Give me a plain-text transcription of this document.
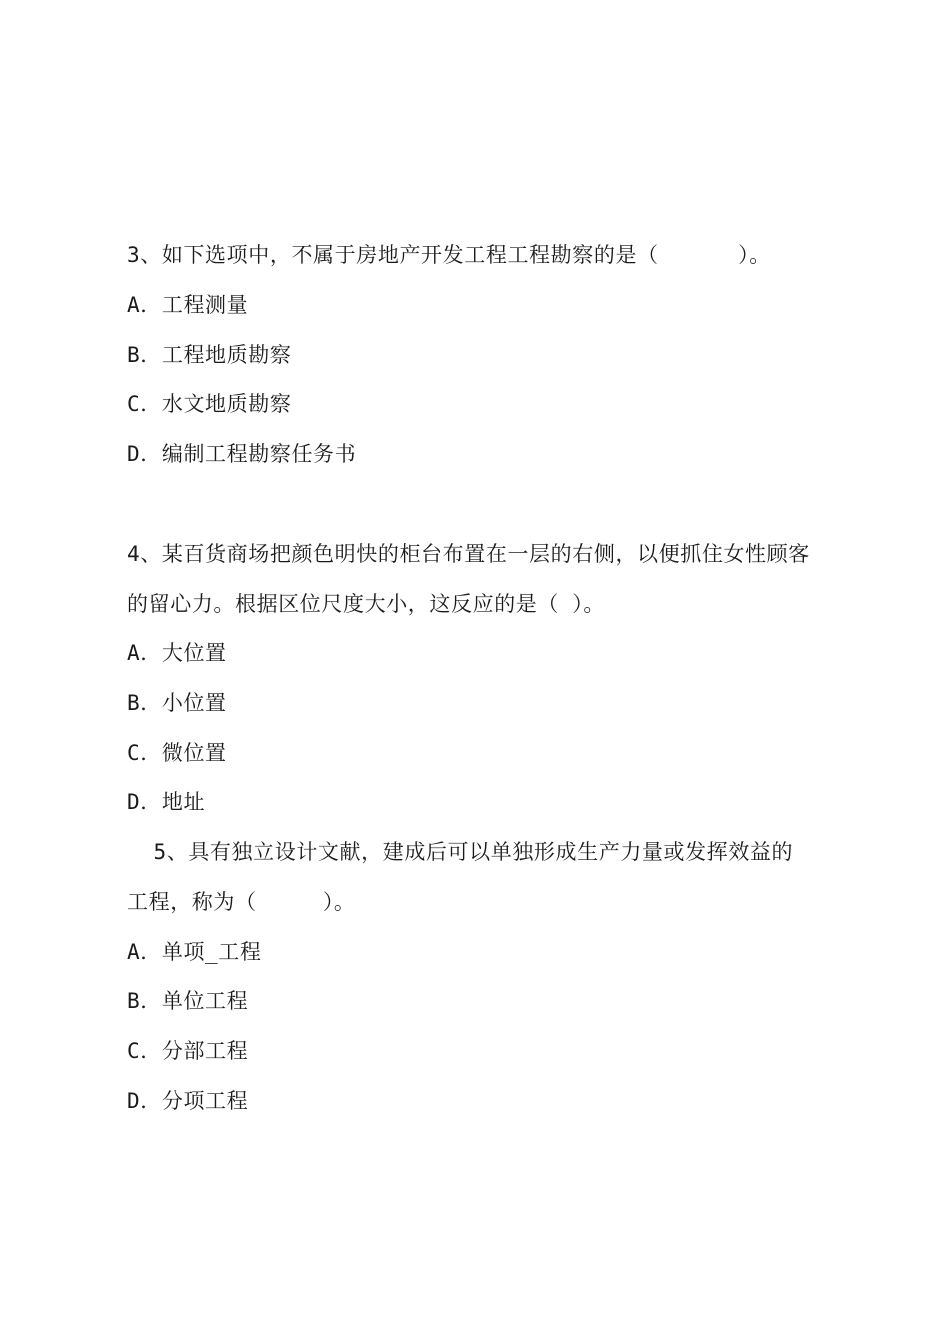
3、如下选项中，不属于房地产开发工程工程勘察的是（      ）。
A．工程测量
B．工程地质勘察
C．水文地质勘察
D．编制工程勘察任务书
4、某百货商场把颜色明快的柜台布置在一层的右侧，以便抓住女性顾客
的留心力。根据区位尺度大小，这反应的是（ ）。
A．大位置
B．小位置
C．微位置
D．地址
5、具有独立设计文献，建成后可以单独形成生产力量或发挥效益的
工程，称为（     ）。
A．单项_工程
B．单位工程
C．分部工程
D．分项工程
